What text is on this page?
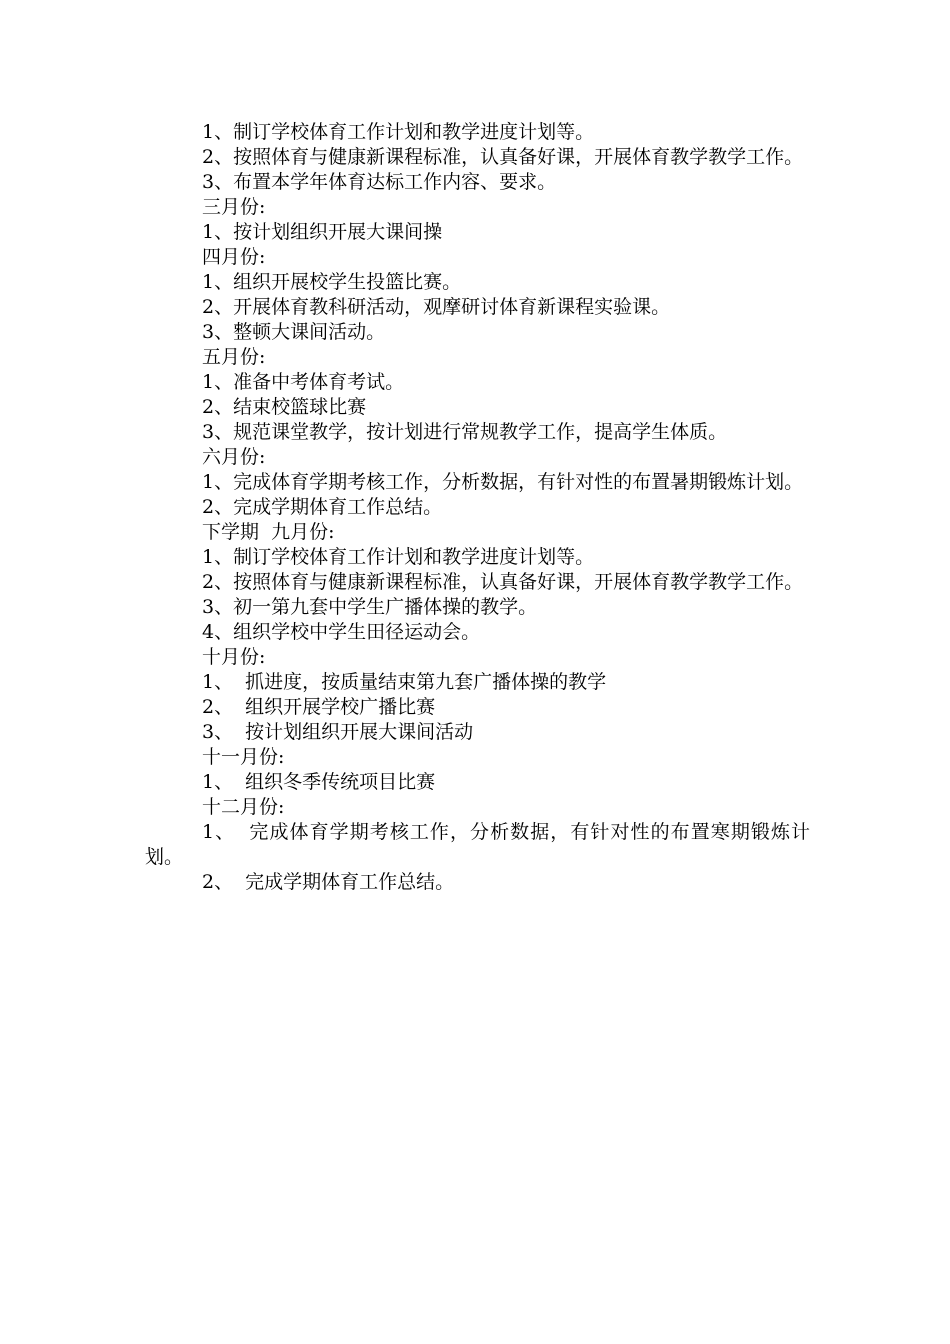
1、制订学校体育工作计划和教学进度计划等。

2、按照体育与健康新课程标准，认真备好课，开展体育教学教学工作。

3、布置本学年体育达标工作内容、要求。

三月份:

1、按计划组织开展大课间操

四月份:

1、组织开展校学生投篮比赛。

2、开展体育教科研活动，观摩研讨体育新课程实验课。

3、整顿大课间活动。

五月份:

1、准备中考体育考试。

2、结束校篮球比赛

3、规范课堂教学，按计划进行常规教学工作，提高学生体质。

六月份:

1、完成体育学期考核工作，分析数据，有针对性的布置暑期锻炼计划。

2、完成学期体育工作总结。

下学期  九月份:

1、制订学校体育工作计划和教学进度计划等。

2、按照体育与健康新课程标准，认真备好课，开展体育教学教学工作。

3、初一第九套中学生广播体操的教学。

4、组织学校中学生田径运动会。

十月份:

1、  抓进度，按质量结束第九套广播体操的教学

2、  组织开展学校广播比赛

3、  按计划组织开展大课间活动

十一月份:

1、  组织冬季传统项目比赛

十二月份:

1、  完成体育学期考核工作，分析数据，有针对性的布置寒期锻炼计划。

2、  完成学期体育工作总结。
